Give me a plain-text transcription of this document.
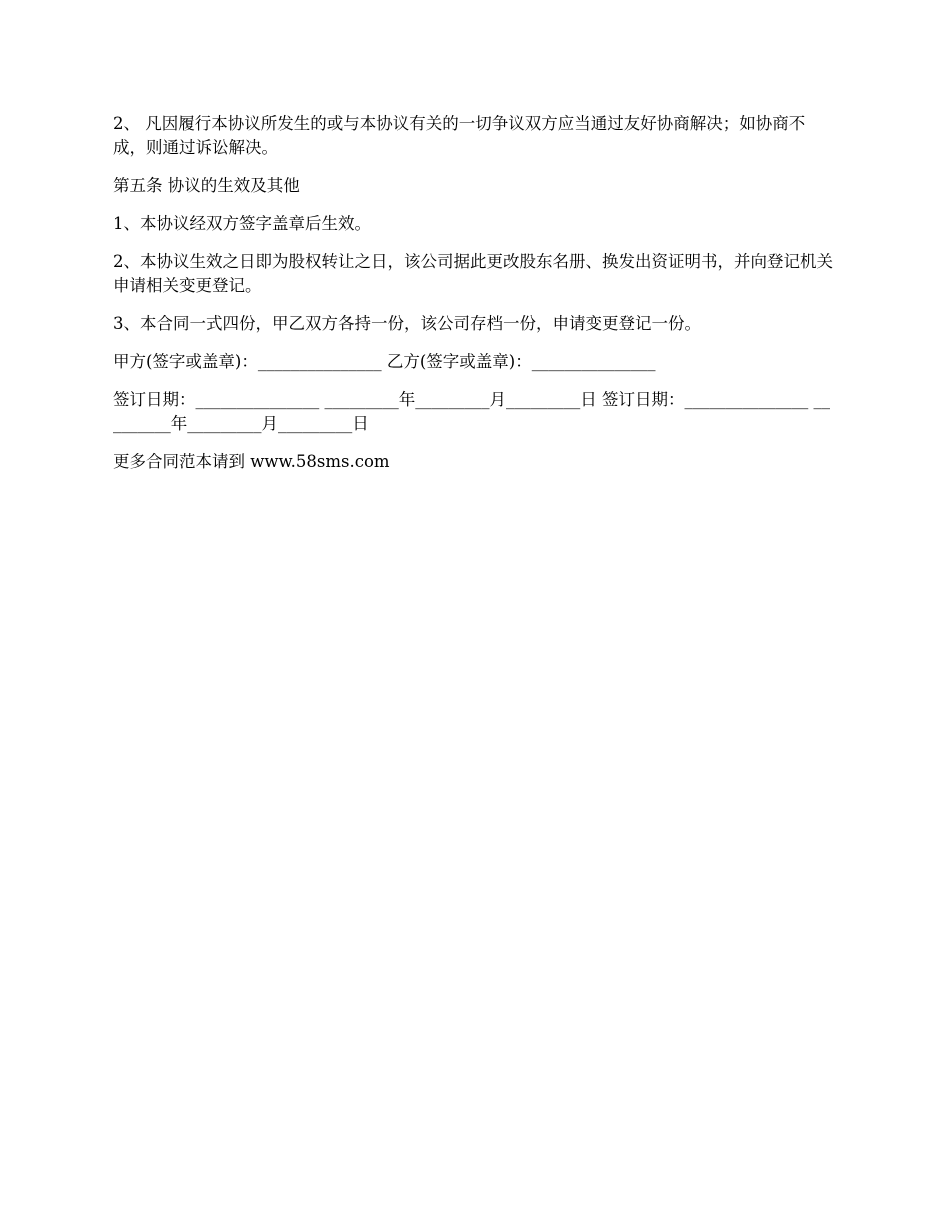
2、 凡因履行本协议所发生的或与本协议有关的一切争议双方应当通过友好协商解决；如协商不成，则通过诉讼解决。

第五条 协议的生效及其他

1、本协议经双方签字盖章后生效。

2、本协议生效之日即为股权转让之日，该公司据此更改股东名册、换发出资证明书，并向登记机关申请相关变更登记。

3、本合同一式四份，甲乙双方各持一份，该公司存档一份，申请变更登记一份。

甲方(签字或盖章)：_______________ 乙方(签字或盖章)：_______________

签订日期：_______________ _________年_________月_________日 签订日期：_______________ _________年_________月_________日

更多合同范本请到 www.58sms.com
